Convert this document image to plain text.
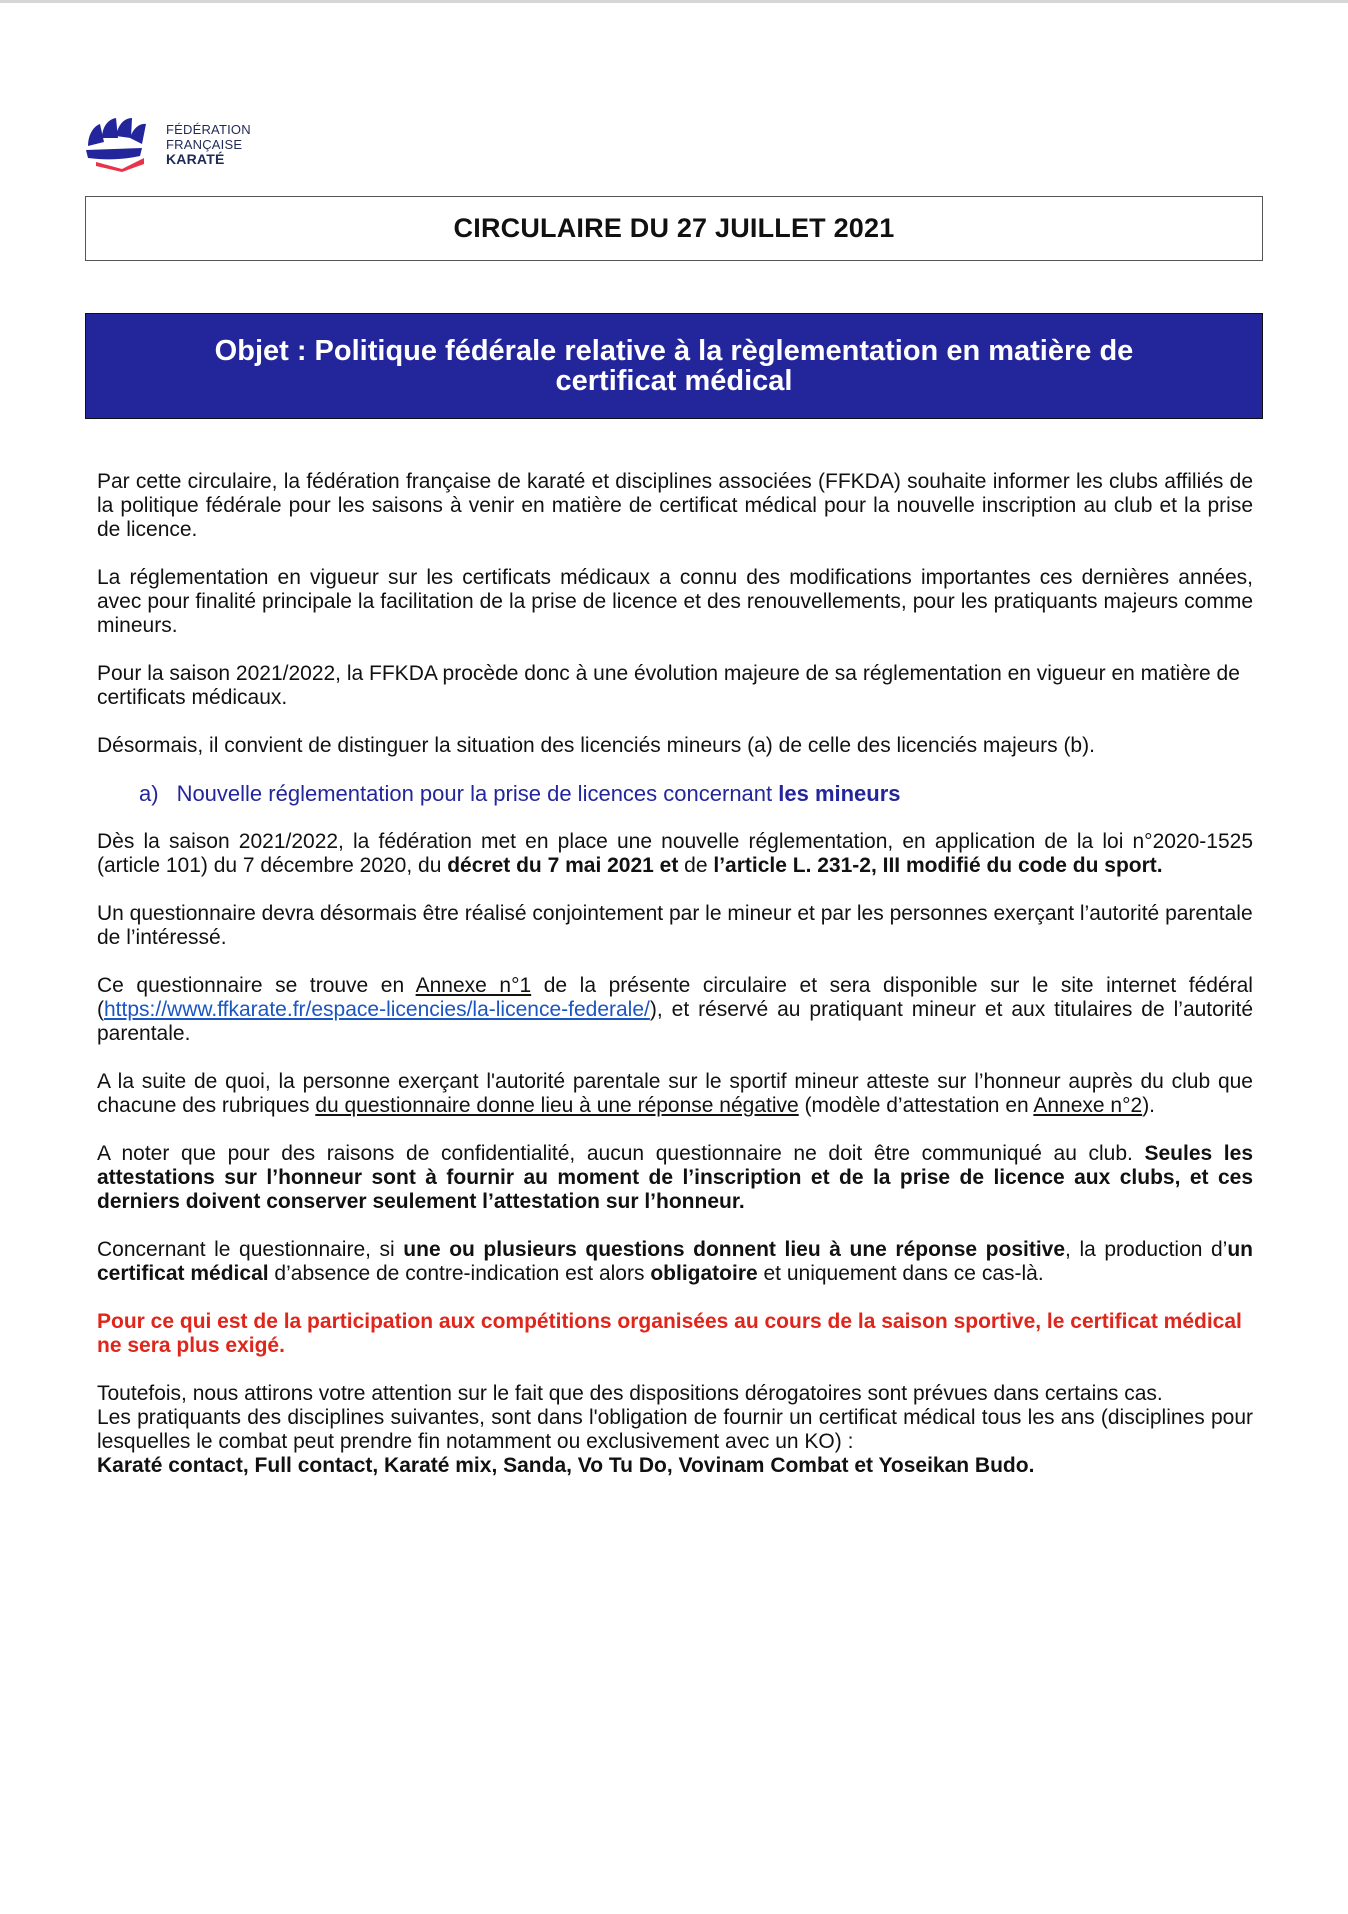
FÉDÉRATION
FRANÇAISE
KARATÉ
CIRCULAIRE DU 27 JUILLET 2021
Objet : Politique fédérale relative à la règlementation en matière de
certificat médical

Par cette circulaire, la fédération française de karaté et disciplines associées (FFKDA) souhaite informer les clubs affiliés de la politique fédérale pour les saisons à venir en matière de certificat médical pour la nouvelle inscription au club et la prise de licence.

La réglementation en vigueur sur les certificats médicaux a connu des modifications importantes ces dernières années, avec pour finalité principale la facilitation de la prise de licence et des renouvellements, pour les pratiquants majeurs comme mineurs.

Pour la saison 2021/2022, la FFKDA procède donc à une évolution majeure de sa réglementation en vigueur en matière de certificats médicaux.

Désormais, il convient de distinguer la situation des licenciés mineurs (a) de celle des licenciés majeurs (b).

a) Nouvelle réglementation pour la prise de licences concernant les mineurs

Dès la saison 2021/2022, la fédération met en place une nouvelle réglementation, en application de la loi n°2020-1525 (article 101) du 7 décembre 2020, du décret du 7 mai 2021 et de l’article L. 231-2, III modifié du code du sport.

Un questionnaire devra désormais être réalisé conjointement par le mineur et par les personnes exerçant l’autorité parentale de l’intéressé.

Ce questionnaire se trouve en Annexe n°1 de la présente circulaire et sera disponible sur le site internet fédéral (https://www.ffkarate.fr/espace-licencies/la-licence-federale/), et réservé au pratiquant mineur et aux titulaires de l’autorité parentale.

A la suite de quoi, la personne exerçant l'autorité parentale sur le sportif mineur atteste sur l’honneur auprès du club que chacune des rubriques du questionnaire donne lieu à une réponse négative (modèle d’attestation en Annexe n°2).

A noter que pour des raisons de confidentialité, aucun questionnaire ne doit être communiqué au club. Seules les attestations sur l’honneur sont à fournir au moment de l’inscription et de la prise de licence aux clubs, et ces derniers doivent conserver seulement l’attestation sur l’honneur.

Concernant le questionnaire, si une ou plusieurs questions donnent lieu à une réponse positive, la production d’un certificat médical d’absence de contre-indication est alors obligatoire et uniquement dans ce cas-là.

Pour ce qui est de la participation aux compétitions organisées au cours de la saison sportive, le certificat médical ne sera plus exigé.

Toutefois, nous attirons votre attention sur le fait que des dispositions dérogatoires sont prévues dans certains cas.

Les pratiquants des disciplines suivantes, sont dans l'obligation de fournir un certificat médical tous les ans (disciplines pour lesquelles le combat peut prendre fin notamment ou exclusivement avec un KO) :

Karaté contact, Full contact, Karaté mix, Sanda, Vo Tu Do, Vovinam Combat et Yoseikan Budo.
